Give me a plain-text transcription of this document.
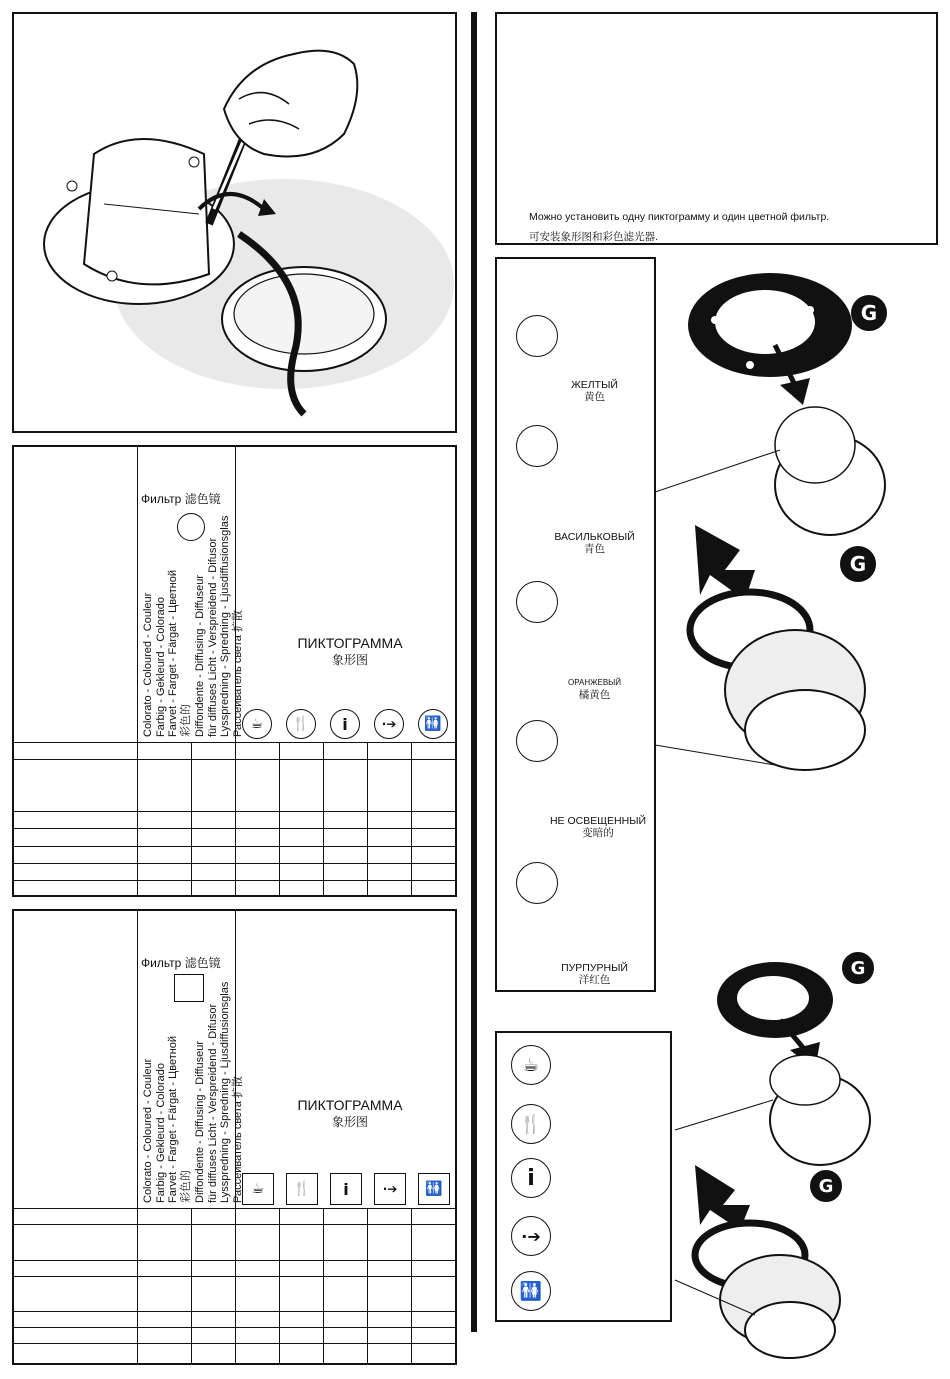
Фильтр 滤色镜
Colorato - Coloured - Couleur Farbig - Gekleurd - Colorado Farvet - Farget - Färgat - Цветной 彩色的 Diffondente - Diffusing - Diffuseur für diffuses Licht - Verspreidend - Difusor Lysspredning - Spredning - Ljusdiffusionsglas Рассеиватель света 扩散	ПИКТОГРАММА
象形图
☕	🍴	i	·➔	🚻
Фильтр 滤色镜
Colorato - Coloured - Couleur Farbig - Gekleurd - Colorado Farvet - Farget - Färgat - Цветной 彩色的 Diffondente - Diffusing - Diffuseur für diffuses Licht - Verspreidend - Difusor Lysspredning - Spredning - Ljusdiffusionsglas Рассеиватель света 扩散	ПИКТОГРАММА
象形图
☕	🍴	i	·➔	🚻
Можно установить одну пиктограмму и один цветной фильтр.
可安装象形图和彩色滤光器.
ЖЕЛТЫЙ
黄色
ВАСИЛЬКОВЫЙ
青色
ОРАНЖЕВЫЙ
橘黄色
НЕ ОСВЕЩЕННЫЙ
变暗的
ПУРПУРНЫЙ
洋红色
☕
🍴
i
·➔
🚻
G
G
G
G
